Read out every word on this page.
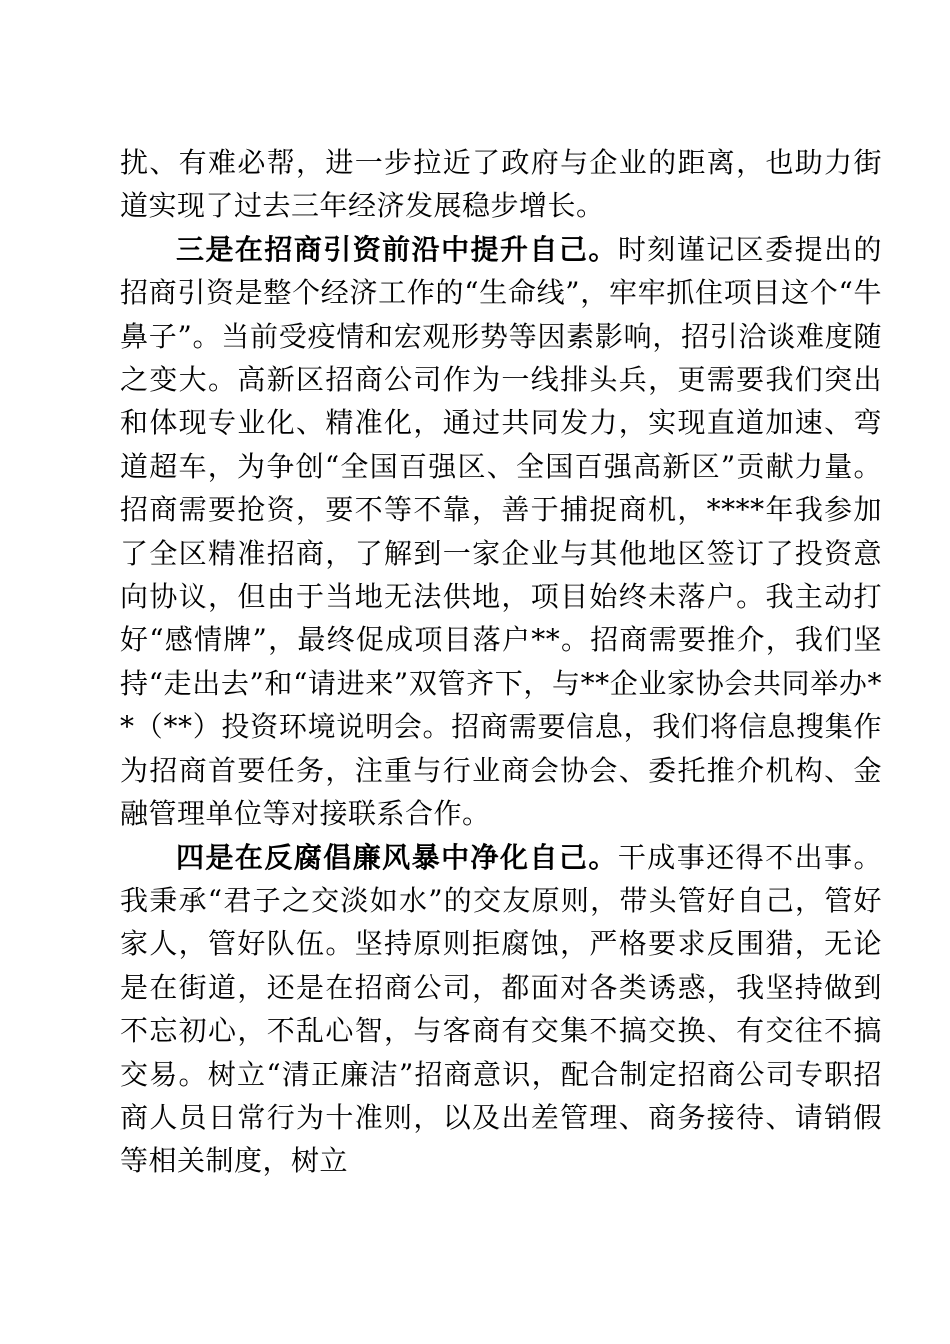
扰、有难必帮，进一步拉近了政府与企业的距离，也助力街道实现了过去三年经济发展稳步增长。

三是在招商引资前沿中提升自己。时刻谨记区委提出的招商引资是整个经济工作的“生命线”，牢牢抓住项目这个“牛鼻子”。当前受疫情和宏观形势等因素影响，招引洽谈难度随之变大。高新区招商公司作为一线排头兵，更需要我们突出和体现专业化、精准化，通过共同发力，实现直道加速、弯道超车，为争创“全国百强区、全国百强高新区”贡献力量。招商需要抢资，要不等不靠，善于捕捉商机，****年我参加了全区精准招商，了解到一家企业与其他地区签订了投资意向协议，但由于当地无法供地，项目始终未落户。我主动打好“感情牌”，最终促成项目落户**。招商需要推介，我们坚持“走出去”和“请进来”双管齐下，与**企业家协会共同举办**（**）投资环境说明会。招商需要信息，我们将信息搜集作为招商首要任务，注重与行业商会协会、委托推介机构、金融管理单位等对接联系合作。

四是在反腐倡廉风暴中净化自己。干成事还得不出事。我秉承“君子之交淡如水”的交友原则，带头管好自己，管好家人，管好队伍。坚持原则拒腐蚀，严格要求反围猎，无论是在街道，还是在招商公司，都面对各类诱惑，我坚持做到不忘初心，不乱心智，与客商有交集不搞交换、有交往不搞交易。树立“清正廉洁”招商意识，配合制定招商公司专职招商人员日常行为十准则，以及出差管理、商务接待、请销假等相关制度，树立
